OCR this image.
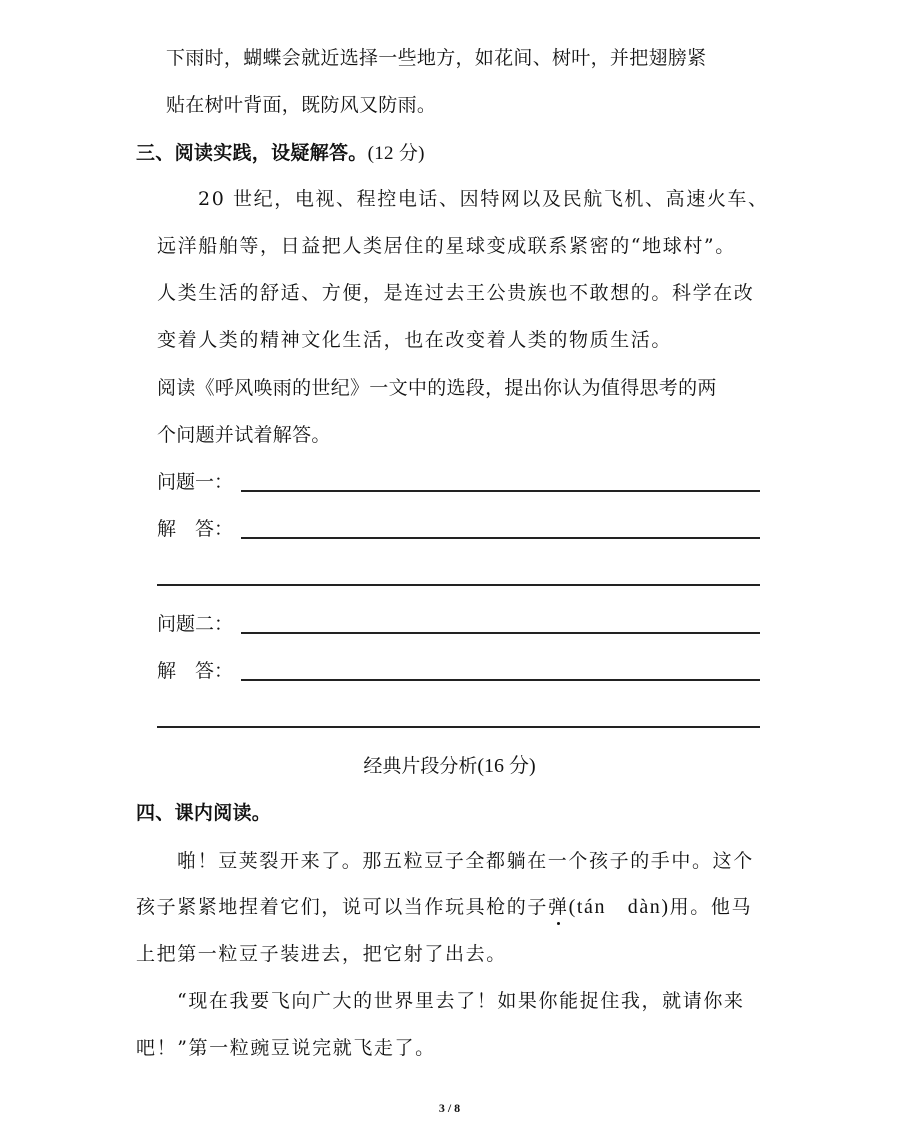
下雨时，蝴蝶会就近选择一些地方，如花间、树叶，并把翅膀紧
贴在树叶背面，既防风又防雨。
三、阅读实践，设疑解答。(12 分)
20 世纪，电视、程控电话、因特网以及民航飞机、高速火车、
远洋船舶等，日益把人类居住的星球变成联系紧密的“地球村”。
人类生活的舒适、方便，是连过去王公贵族也不敢想的。科学在改
变着人类的精神文化生活，也在改变着人类的物质生活。
阅读《呼风唤雨的世纪》一文中的选段，提出你认为值得思考的两
个问题并试着解答。
问题一：
解　答：
问题二：
解　答：
经典片段分析(16 分)
四、课内阅读。
啪！豆荚裂开来了。那五粒豆子全都躺在一个孩子的手中。这个
孩子紧紧地捏着它们，说可以当作玩具枪的子弹(tán　dàn)用。他马
上把第一粒豆子装进去，把它射了出去。
“现在我要飞向广大的世界里去了！如果你能捉住我，就请你来
吧！”第一粒豌豆说完就飞走了。
3 / 8
